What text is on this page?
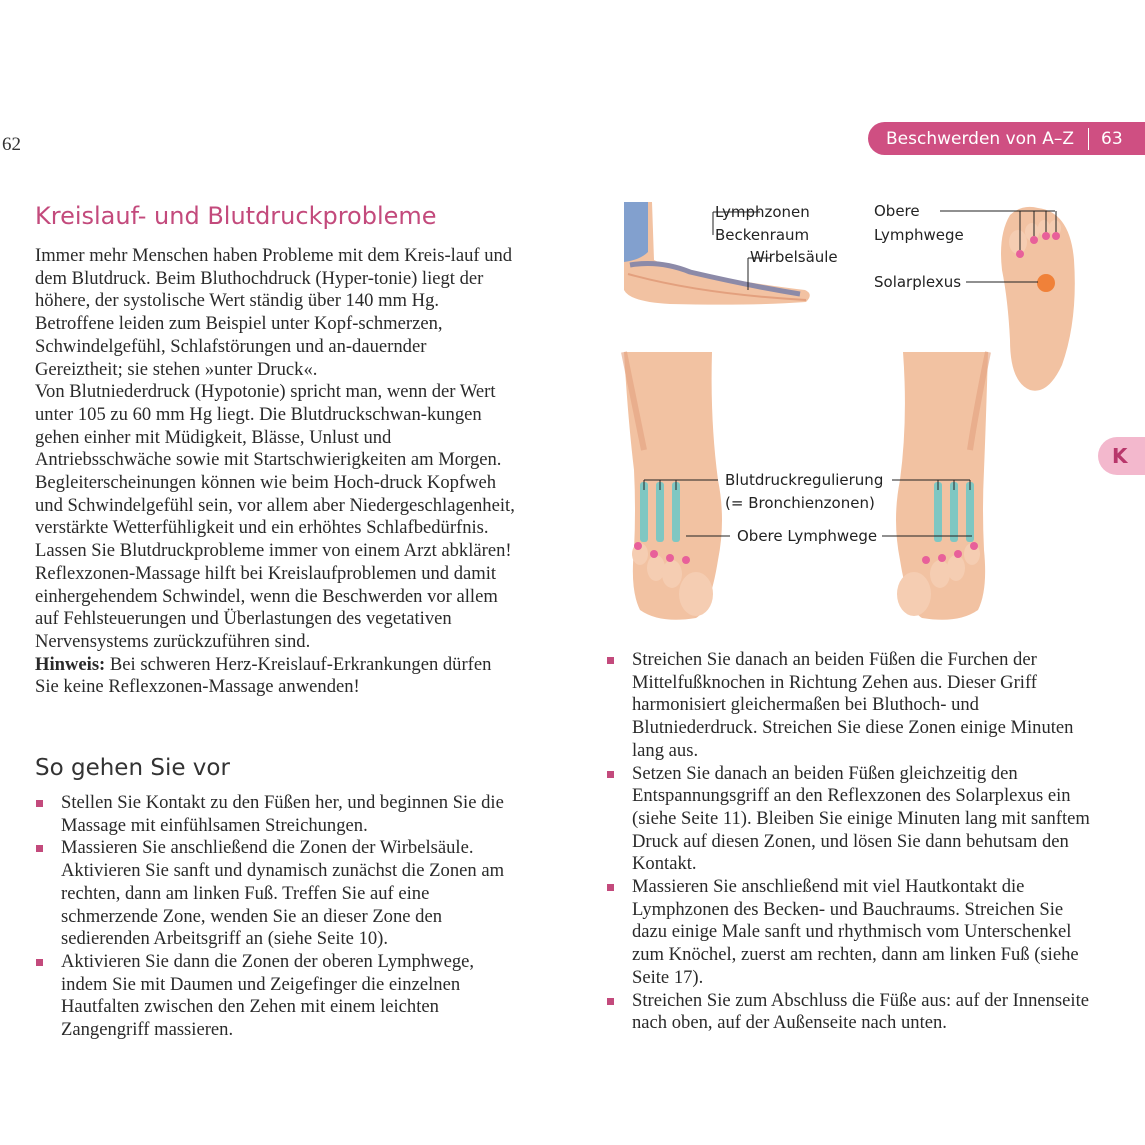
62	Beschwerden von A–Z 63
K
Kreislauf- und Blutdruckprobleme

Immer mehr Menschen haben Probleme mit dem Kreis-lauf und dem Blutdruck. Beim Bluthochdruck (Hyper-tonie) liegt der höhere, der systolische Wert ständig über 140 mm Hg. Betroffene leiden zum Beispiel unter Kopf-schmerzen, Schwindelgefühl, Schlafstörungen und an-dauernder Gereiztheit; sie stehen »unter Druck«.

Von Blutniederdruck (Hypotonie) spricht man, wenn der Wert unter 105 zu 60 mm Hg liegt. Die Blutdruckschwan-kungen gehen einher mit Müdigkeit, Blässe, Unlust und Antriebsschwäche sowie mit Startschwierigkeiten am Morgen. Begleiterscheinungen können wie beim Hoch-druck Kopfweh und Schwindelgefühl sein, vor allem aber Niedergeschlagenheit, verstärkte Wetterfühligkeit und ein erhöhtes Schlafbedürfnis. Lassen Sie Blutdruckprobleme immer von einem Arzt abklären!

Reflexzonen-Massage hilft bei Kreislaufproblemen und damit einhergehendem Schwindel, wenn die Beschwerden vor allem auf Fehlsteuerungen und Überlastungen des vegetativen Nervensystems zurückzuführen sind.

Hinweis: Bei schweren Herz-Kreislauf-Erkrankungen dürfen Sie keine Reflexzonen-Massage anwenden!

So gehen Sie vor
Stellen Sie Kontakt zu den Füßen her, und beginnen Sie die Massage mit einfühlsamen Streichungen.
Massieren Sie anschließend die Zonen der Wirbelsäule. Aktivieren Sie sanft und dynamisch zunächst die Zonen am rechten, dann am linken Fuß. Treffen Sie auf eine schmerzende Zone, wenden Sie an dieser Zone den sedierenden Arbeitsgriff an (siehe Seite 10).
Aktivieren Sie dann die Zonen der oberen Lymphwege, indem Sie mit Daumen und Zeigefinger die einzelnen Hautfalten zwischen den Zehen mit einem leichten Zangengriff massieren.
Streichen Sie danach an beiden Füßen die Furchen der Mittelfußknochen in Richtung Zehen aus. Dieser Griff harmonisiert gleichermaßen bei Bluthoch- und Blutniederdruck. Streichen Sie diese Zonen einige Minuten lang aus.
Setzen Sie danach an beiden Füßen gleichzeitig den Entspannungsgriff an den Reflexzonen des Solarplexus ein (siehe Seite 11). Bleiben Sie einige Minuten lang mit sanftem Druck auf diesen Zonen, und lösen Sie dann behutsam den Kontakt.
Massieren Sie anschließend mit viel Hautkontakt die Lymphzonen des Becken- und Bauchraums. Streichen Sie dazu einige Male sanft und rhythmisch vom Unterschenkel zum Knöchel, zuerst am rechten, dann am linken Fuß (siehe Seite 17).
Streichen Sie zum Abschluss die Füße aus: auf der Innenseite nach oben, auf der Außenseite nach unten.
Lymphzonen
Beckenraum
Wirbelsäule
Obere
Lymphwege
Solarplexus
Blutdruckregulierung
(= Bronchienzonen)
Obere Lymphwege
